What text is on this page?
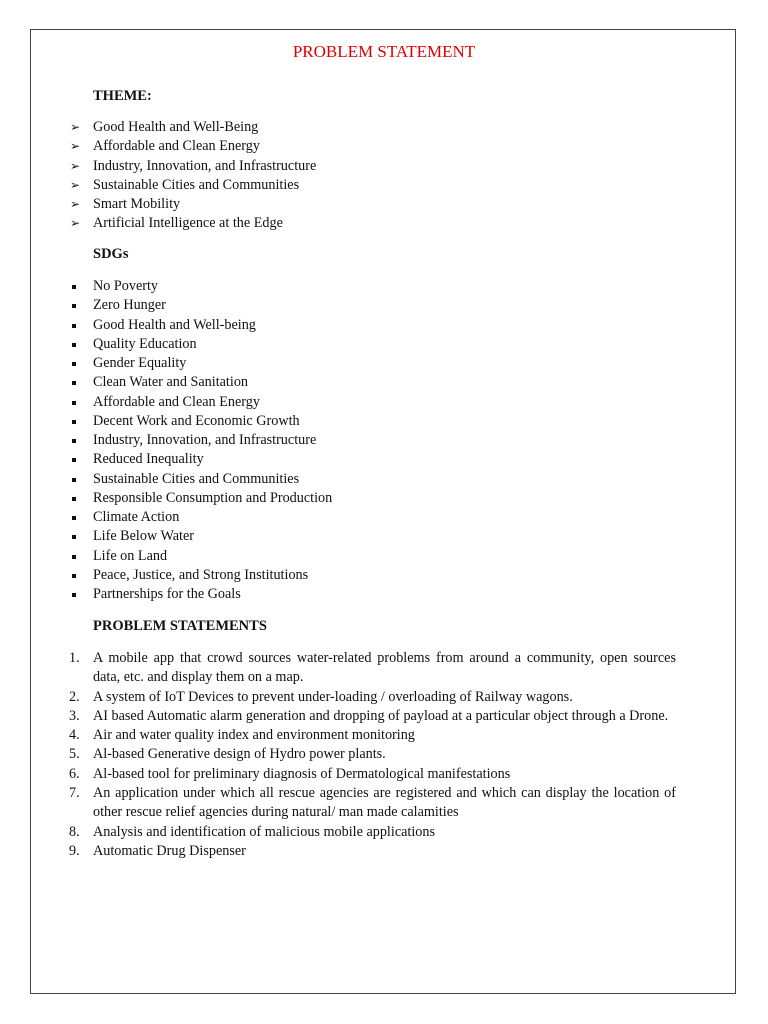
PROBLEM STATEMENT
THEME:
➢ Good Health and Well-Being
➢ Affordable and Clean Energy
➢ Industry, Innovation, and Infrastructure
➢ Sustainable Cities and Communities
➢ Smart Mobility
➢ Artificial Intelligence at the Edge
SDGs
No Poverty
Zero Hunger
Good Health and Well-being
Quality Education
Gender Equality
Clean Water and Sanitation
Affordable and Clean Energy
Decent Work and Economic Growth
Industry, Innovation, and Infrastructure
Reduced Inequality
Sustainable Cities and Communities
Responsible Consumption and Production
Climate Action
Life Below Water
Life on Land
Peace, Justice, and Strong Institutions
Partnerships for the Goals
PROBLEM STATEMENTS
1. A mobile app that crowd sources water-related problems from around a community, open sources data, etc. and display them on a map.
2. A system of IoT Devices to prevent under-loading / overloading of Railway wagons.
3. AI based Automatic alarm generation and dropping of payload at a particular object through a Drone.
4. Air and water quality index and environment monitoring
5. Al-based Generative design of Hydro power plants.
6. Al-based tool for preliminary diagnosis of Dermatological manifestations
7. An application under which all rescue agencies are registered and which can display the location of other rescue relief agencies during natural/ man made calamities
8. Analysis and identification of malicious mobile applications
9. Automatic Drug Dispenser
